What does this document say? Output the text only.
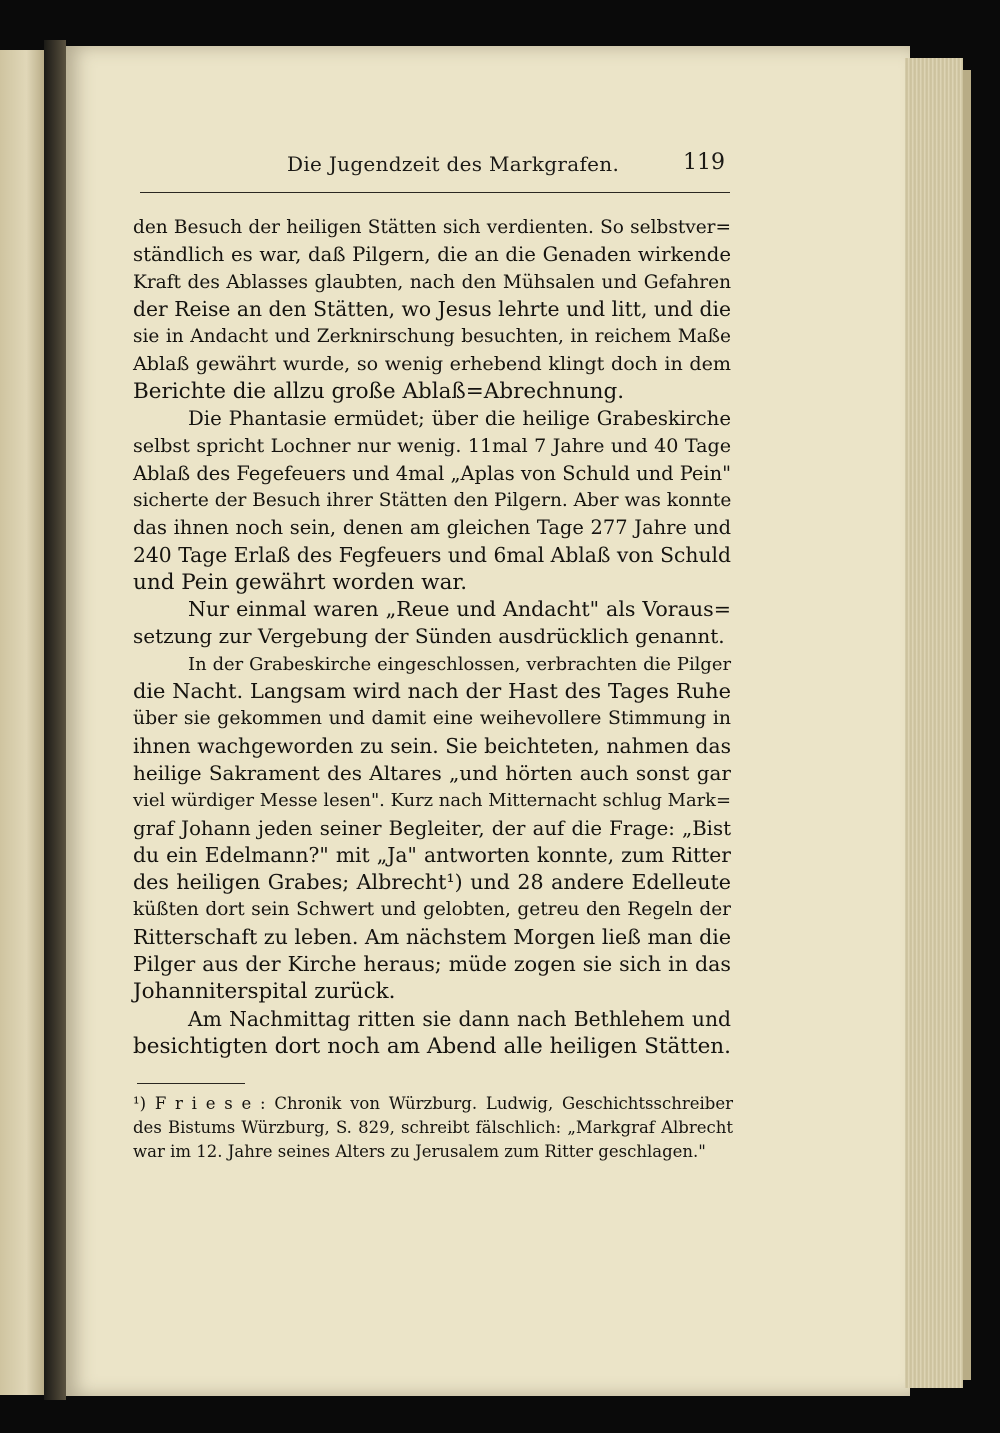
Die Jugendzeit des Markgrafen.	119
den Besuch der heiligen Stätten sich verdienten. So selbstver=
ständlich es war, daß Pilgern, die an die Genaden wirkende
Kraft des Ablasses glaubten, nach den Mühsalen und Gefahren
der Reise an den Stätten, wo Jesus lehrte und litt, und die
sie in Andacht und Zerknirschung besuchten, in reichem Maße
Ablaß gewährt wurde, so wenig erhebend klingt doch in dem
Berichte die allzu große Ablaß=Abrechnung.
Die Phantasie ermüdet; über die heilige Grabeskirche
selbst spricht Lochner nur wenig. 11mal 7 Jahre und 40 Tage
Ablaß des Fegefeuers und 4mal „Aplas von Schuld und Pein"
sicherte der Besuch ihrer Stätten den Pilgern. Aber was konnte
das ihnen noch sein, denen am gleichen Tage 277 Jahre und
240 Tage Erlaß des Fegfeuers und 6mal Ablaß von Schuld
und Pein gewährt worden war.
Nur einmal waren „Reue und Andacht" als Voraus=
setzung zur Vergebung der Sünden ausdrücklich genannt.
In der Grabeskirche eingeschlossen, verbrachten die Pilger
die Nacht. Langsam wird nach der Hast des Tages Ruhe
über sie gekommen und damit eine weihevollere Stimmung in
ihnen wachgeworden zu sein. Sie beichteten, nahmen das
heilige Sakrament des Altares „und hörten auch sonst gar
viel würdiger Messe lesen". Kurz nach Mitternacht schlug Mark=
graf Johann jeden seiner Begleiter, der auf die Frage: „Bist
du ein Edelmann?" mit „Ja" antworten konnte, zum Ritter
des heiligen Grabes; Albrecht¹) und 28 andere Edelleute
küßten dort sein Schwert und gelobten, getreu den Regeln der
Ritterschaft zu leben. Am nächstem Morgen ließ man die
Pilger aus der Kirche heraus; müde zogen sie sich in das
Johanniterspital zurück.
Am Nachmittag ritten sie dann nach Bethlehem und
besichtigten dort noch am Abend alle heiligen Stätten.
¹) F r i e s e : Chronik von Würzburg. Ludwig, Geschichtsschreiber
des Bistums Würzburg, S. 829, schreibt fälschlich: „Markgraf Albrecht
war im 12. Jahre seines Alters zu Jerusalem zum Ritter geschlagen."
